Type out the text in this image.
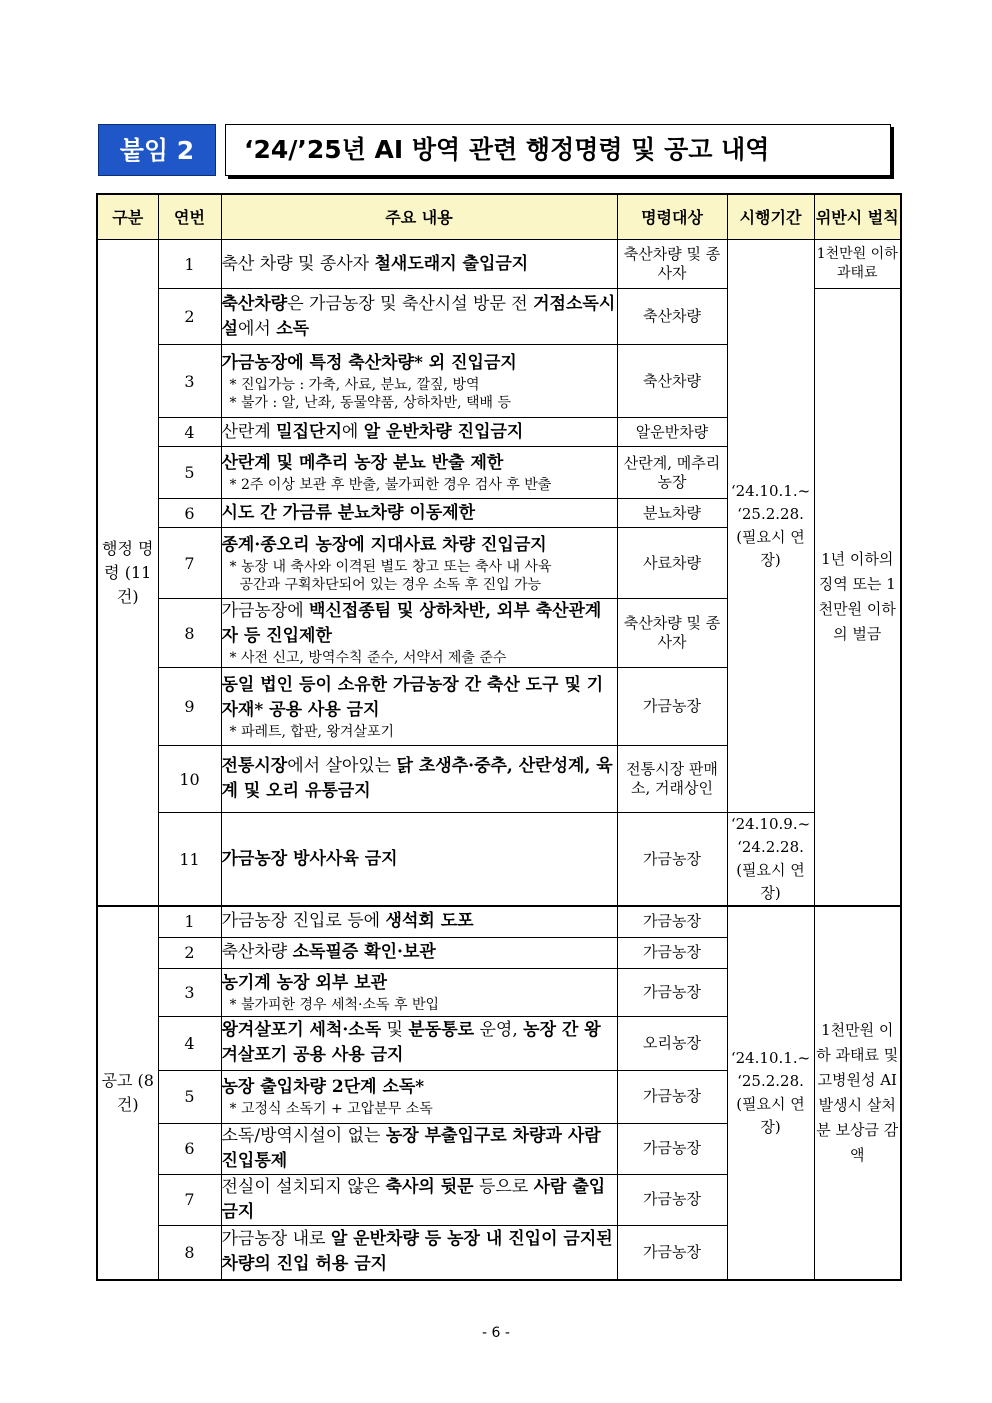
붙임 2	‘24/’25년 AI 방역 관련 행정명령 및 공고 내역
구분	연번	주요 내용	명령대상	시행기간	위반시 벌칙
행정 명령 (11건)	1	축산 차량 및 종사자 철새도래지 출입금지	축산차량 및 종사자	‘24.10.1.~ ‘25.2.28. (필요시 연장)	1천만원 이하과태료
	2	축산차량은 가금농장 및 축산시설 방문 전 거점소독시설에서 소독	축산차량		1년 이하의 징역 또는 1천만원 이하의 벌금
	3	가금농장에 특정 축산차량* 외 진입금지
* 진입가능 : 가축, 사료, 분뇨, 깔짚, 방역
* 불가 : 알, 난좌, 동물약품, 상하차반, 택배 등	축산차량		
	4	산란계 밀집단지에 알 운반차량 진입금지	알운반차량		
	5	산란계 및 메추리 농장 분뇨 반출 제한
* 2주 이상 보관 후 반출, 불가피한 경우 검사 후 반출	산란계, 메추리 농장		
	6	시도 간 가금류 분뇨차량 이동제한	분뇨차량		
	7	종계·종오리 농장에 지대사료 차량 진입금지
* 농장 내 축사와 이격된 별도 창고 또는 축사 내 사육
공간과 구획차단되어 있는 경우 소독 후 진입 가능	사료차량		
	8	가금농장에 백신접종팀 및 상하차반, 외부 축산관계자 등 진입제한
* 사전 신고, 방역수칙 준수, 서약서 제출 준수	축산차량 및 종사자		
	9	동일 법인 등이 소유한 가금농장 간 축산 도구 및 기자재* 공용 사용 금지
* 파레트, 합판, 왕겨살포기	가금농장		
	10	전통시장에서 살아있는 닭 초생추·중추, 산란성계, 육계 및 오리 유통금지	전통시장 판매소, 거래상인		
	11	가금농장 방사사육 금지	가금농장	‘24.10.9.~ ‘24.2.28. (필요시 연장)	
공고 (8건)	1	가금농장 진입로 등에 생석회 도포	가금농장	‘24.10.1.~ ‘25.2.28. (필요시 연장)	1천만원 이하 과태료 및 고병원성 AI 발생시 살처분 보상금 감액
	2	축산차량 소독필증 확인·보관	가금농장		
	3	농기계 농장 외부 보관
* 불가피한 경우 세척·소독 후 반입	가금농장		
	4	왕겨살포기 세척·소독 및 분동통로 운영, 농장 간 왕겨살포기 공용 사용 금지	오리농장		
	5	농장 출입차량 2단계 소독*
* 고정식 소독기 + 고압분무 소독	가금농장		
	6	소독/방역시설이 없는 농장 부출입구로 차량과 사람 진입통제	가금농장		
	7	전실이 설치되지 않은 축사의 뒷문 등으로 사람 출입 금지	가금농장		
	8	가금농장 내로 알 운반차량 등 농장 내 진입이 금지된 차량의 진입 허용 금지	가금농장		
- 6 -
